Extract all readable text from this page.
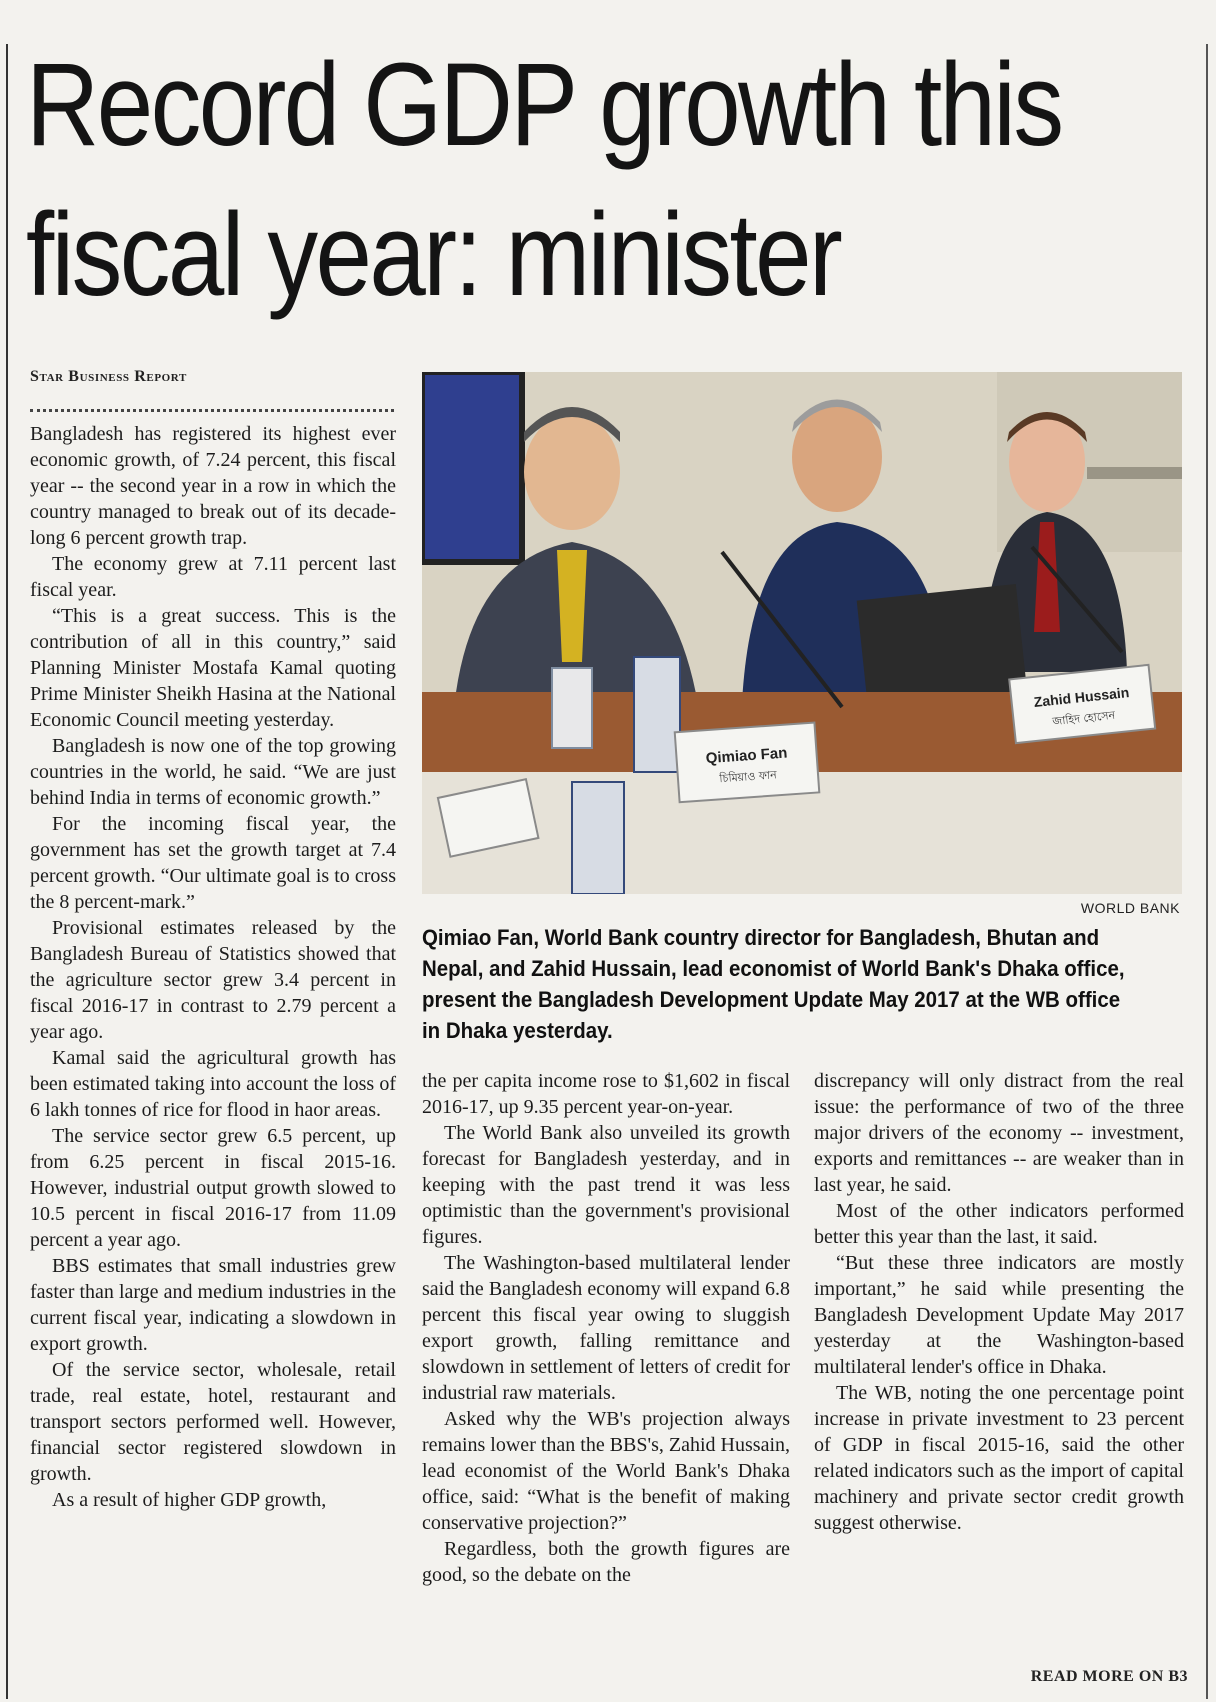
Record GDP growth this
fiscal year: minister
Star Business Report

Bangladesh has registered its highest ever economic growth, of 7.24 percent, this fiscal year -- the second year in a row in which the country managed to break out of its decade-long 6 percent growth trap.

The economy grew at 7.11 percent last fiscal year.

“This is a great success. This is the contribution of all in this country,” said Planning Minister Mostafa Kamal quoting Prime Minister Sheikh Hasina at the National Economic Council meeting yesterday.

Bangladesh is now one of the top growing countries in the world, he said. “We are just behind India in terms of economic growth.”

For the incoming fiscal year, the government has set the growth target at 7.4 percent growth. “Our ultimate goal is to cross the 8 percent-mark.”

Provisional estimates released by the Bangladesh Bureau of Statistics showed that the agriculture sector grew 3.4 percent in fiscal 2016-17 in contrast to 2.79 percent a year ago.

Kamal said the agricultural growth has been estimated taking into account the loss of 6 lakh tonnes of rice for flood in haor areas.

The service sector grew 6.5 percent, up from 6.25 percent in fiscal 2015-16. However, industrial output growth slowed to 10.5 percent in fiscal 2016-17 from 11.09 percent a year ago.

BBS estimates that small industries grew faster than large and medium industries in the current fiscal year, indicating a slowdown in export growth.

Of the service sector, wholesale, retail trade, real estate, hotel, restaurant and transport sectors performed well. However, financial sector registered slowdown in growth.

As a result of higher GDP growth,

Qimiao Fan
চিমিয়াও ফান
Zahid Hussain
জাহিদ হোসেন
WORLD BANK
Qimiao Fan, World Bank country director for Bangladesh, Bhutan and Nepal, and Zahid Hussain, lead economist of World Bank's Dhaka office, present the Bangladesh Development Update May 2017 at the WB office in Dhaka yesterday.

the per capita income rose to $1,602 in fiscal 2016-17, up 9.35 percent year-on-year.

The World Bank also unveiled its growth forecast for Bangladesh yesterday, and in keeping with the past trend it was less optimistic than the government's provisional figures.

The Washington-based multilateral lender said the Bangladesh economy will expand 6.8 percent this fiscal year owing to sluggish export growth, falling remittance and slowdown in settlement of letters of credit for industrial raw materials.

Asked why the WB's projection always remains lower than the BBS's, Zahid Hussain, lead economist of the World Bank's Dhaka office, said: “What is the benefit of making conservative projection?”

Regardless, both the growth figures are good, so the debate on the

discrepancy will only distract from the real issue: the performance of two of the three major drivers of the economy -- investment, exports and remittances -- are weaker than in last year, he said.

Most of the other indicators performed better this year than the last, it said.

“But these three indicators are mostly important,” he said while presenting the Bangladesh Development Update May 2017 yesterday at the Washington-based multilateral lender's office in Dhaka.

The WB, noting the one percentage point increase in private investment to 23 percent of GDP in fiscal 2015-16, said the other related indicators such as the import of capital machinery and private sector credit growth suggest otherwise.

READ MORE ON B3
